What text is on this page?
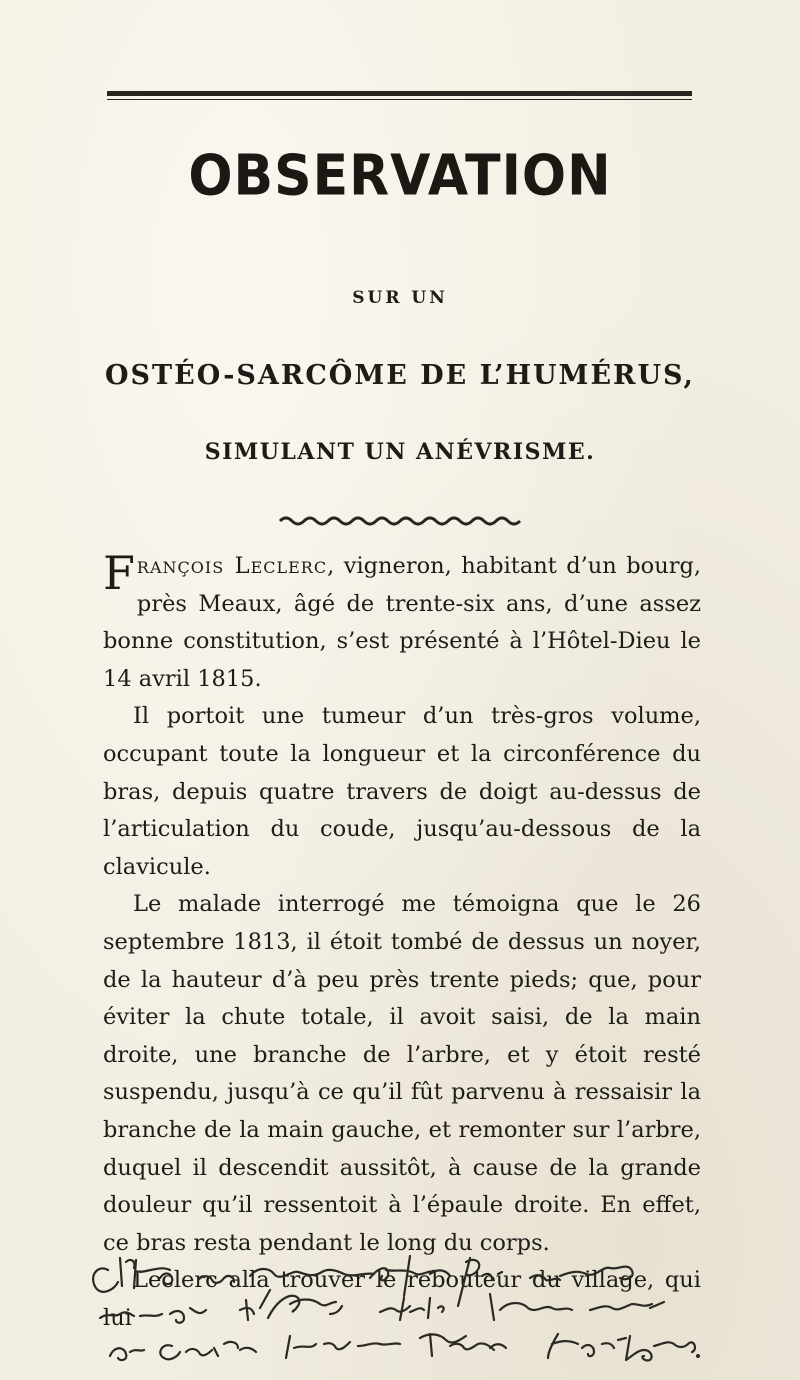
OBSERVATION
SUR UN
OSTÉO-SARCÔME DE L’HUMÉRUS,
SIMULANT UN ANÉVRISME.

François Leclerc, vigneron, habitant d’un bourg, près Meaux, âgé de trente-six ans, d’une assez bonne constitution, s’est présenté à l’Hôtel-Dieu le 14 avril 1815.

Il portoit une tumeur d’un très-gros volume, occupant toute la longueur et la circonférence du bras, depuis quatre travers de doigt au-dessus de l’articulation du coude, jusqu’au-dessous de la clavicule.

Le malade interrogé me témoigna que le 26 septembre 1813, il étoit tombé de dessus un noyer, de la hauteur d’à peu près trente pieds; que, pour éviter la chute totale, il avoit saisi, de la main droite, une branche de l’arbre, et y étoit resté suspendu, jusqu’à ce qu’il fût parvenu à ressaisir la branche de la main gauche, et remonter sur l’arbre, duquel il descendit aussitôt, à cause de la grande douleur qu’il ressentoit à l’épaule droite. En effet, ce bras resta pendant le long du corps.

Leclerc alla trouver le rebouteur du village, qui lui
